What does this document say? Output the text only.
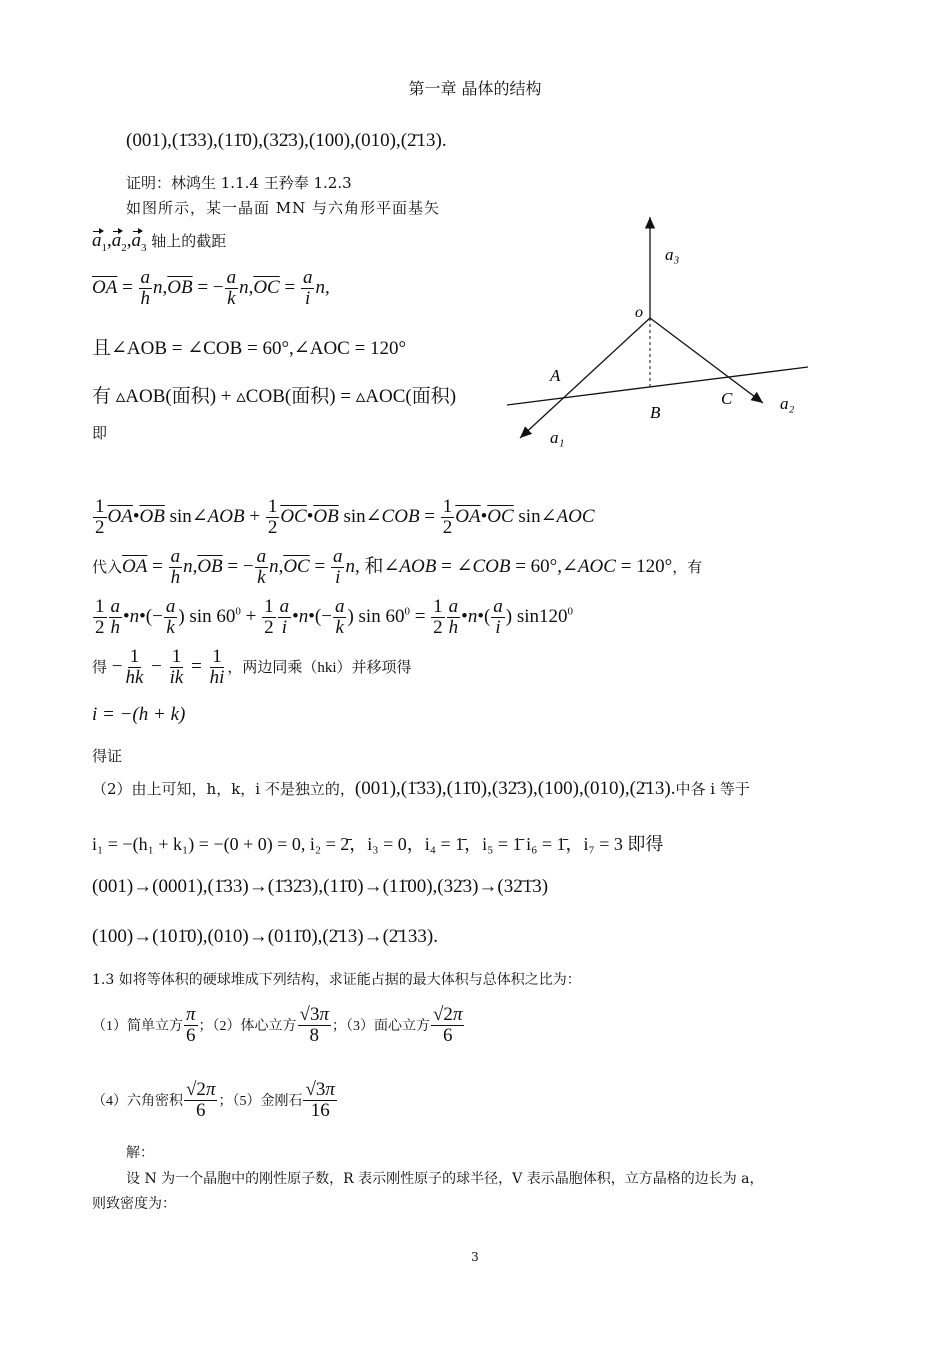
第一章 晶体的结构
(001),(1̄33),(11̄0),(32̄3),(100),(010),(2̄13).
证明：林鸿生 1.1.4 王矜奉 1.2.3
如图所示，某一晶面 MN 与六角形平面基矢
$a_1,a_2,a_3$ 轴上的截距
$\overline{OA} = \frac{a}{h} n,\overline{OB}$ = − $\frac{a}{k} n,\overline{OC} = \frac{a}{i} n$,
且∠AOB = ∠COB = 60°,∠AOC = 120°
有 ▵AOB(面积) + ▵COB(面积) = ▵AOC(面积)
即
a₃
o
A
B
C	a₂
a₁
$\frac{1}{2}$ $\overline{OA}•\overline{OB}$ sin∠AOB + $\frac{1}{2}$ $\overline{OC}•\overline{OB}$ sin∠COB = $\frac{1}{2}$ $\overline{OA}•\overline{OC}$ sin∠AOC
代入$\overline{OA} = \frac{a}{h} n,\overline{OB}$ = − $\frac{a}{k} n,\overline{OC} = \frac{a}{i} n$, 和∠AOB = ∠COB = 60°,∠AOC = 120°，有
$\frac{1}{2} \frac{a}{h}$ •n•(− $\frac{a}{k}$ ) $\sin 60^0 + \frac{1}{2} \frac{a}{i}$ •n•(− $\frac{a}{k}$ ) $\sin 60^0 = \frac{1}{2} \frac{a}{h}$ •n•( $\frac{a}{i}$ ) $\sin 120^0$
得 − $\frac{1}{hk} - \frac{1}{ik} = \frac{1}{hi}$ ，两边同乘（hki）并移项得
i = −(h + k)
得证
（2）由上可知，h，k，i 不是独立的，(001),(1̄33),(11̄0),(32̄3),(100),(010),(2̄13).中各 i 等于
i₁ = −(h₁ + k₁) = −(0 + 0) = 0, i₂ = 2̄，i₃ = 0，i₄ = 1̄，i₅ = 1̄ i₆ = 1̄，i₇ = 3 即得
(001)→(0001),(1̄33)→(1̄32̄3),(11̄0)→(11̄00),(32̄3)→(32̄1̄3)
(100)→(101̄0),(010)→(011̄0),(2̄13)→(2̄133).
1.3 如将等体积的硬球堆成下列结构，求证能占据的最大体积与总体积之比为：
（1）简单立方 $\frac{\pi}{6}$ ；（2）体心立方 $\frac{√3\pi}{8}$ ；（3）面心立方 $\frac{√2\pi}{6}$
（4）六角密积 $\frac{√2\pi}{6}$ ；（5）金刚石 $\frac{√3\pi}{16}$
解：
设 N 为一个晶胞中的刚性原子数，R 表示刚性原子的球半径，V 表示晶胞体积，立方晶格的边长为 a，
则致密度为：
3
